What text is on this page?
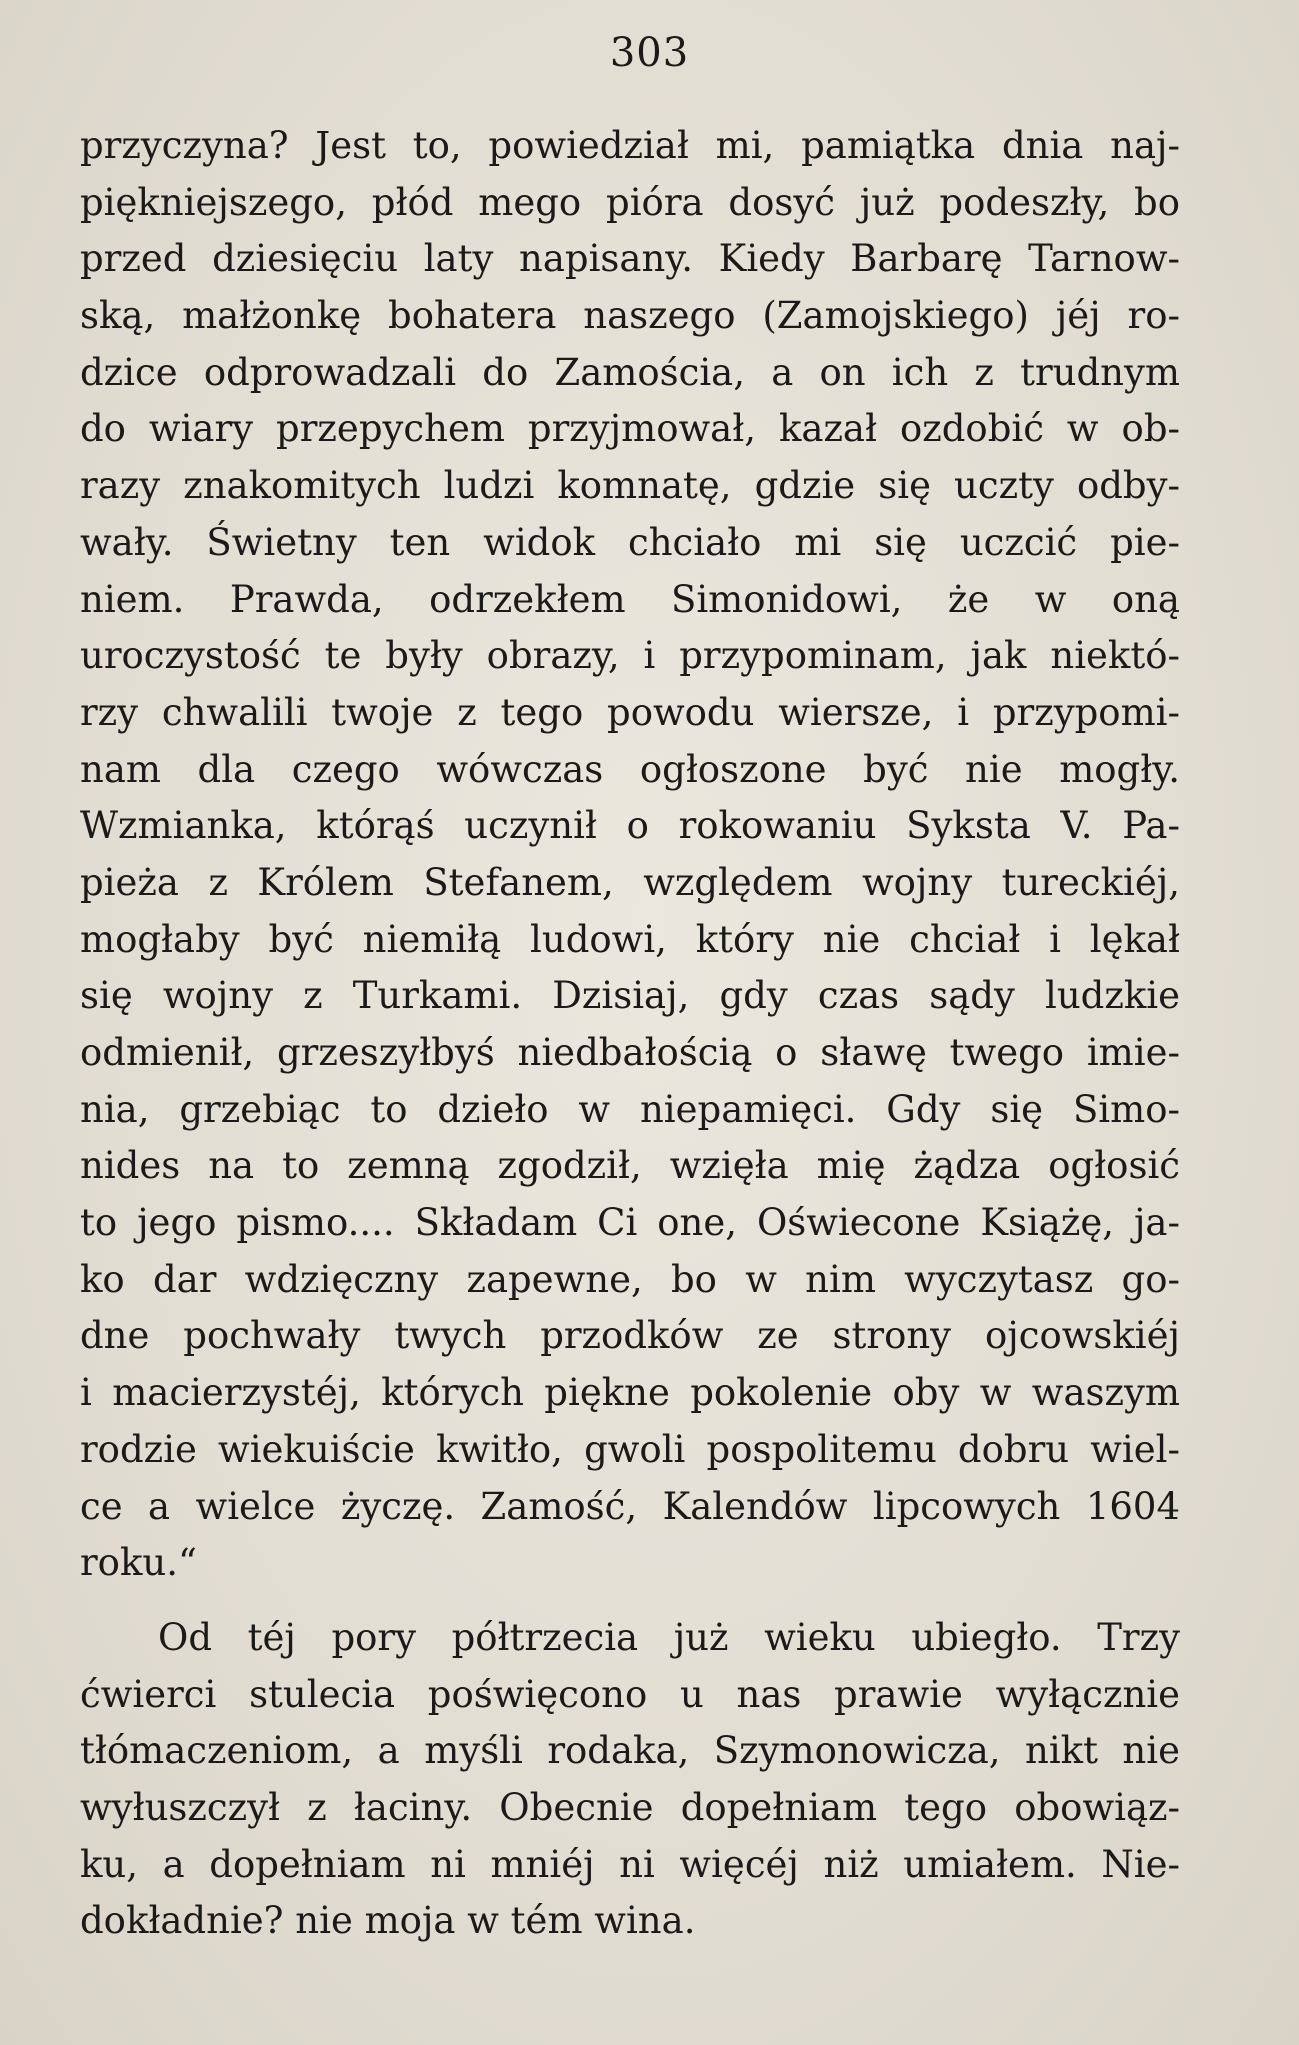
303
przyczyna? Jest to, powiedział mi, pamiątka dnia naj-
piękniejszego, płód mego pióra dosyć już podeszły, bo
przed dziesięciu laty napisany. Kiedy Barbarę Tarnow-
ską, małżonkę bohatera naszego (Zamojskiego) jéj ro-
dzice odprowadzali do Zamościa, a on ich z trudnym
do wiary przepychem przyjmował, kazał ozdobić w ob-
razy znakomitych ludzi komnatę, gdzie się uczty odby-
wały. Świetny ten widok chciało mi się uczcić pie-
niem. Prawda, odrzekłem Simonidowi, że w oną
uroczystość te były obrazy, i przypominam, jak niektó-
rzy chwalili twoje z tego powodu wiersze, i przypomi-
nam dla czego wówczas ogłoszone być nie mogły.
Wzmianka, którąś uczynił o rokowaniu Syksta V. Pa-
pieża z Królem Stefanem, względem wojny tureckiéj,
mogłaby być niemiłą ludowi, który nie chciał i lękał
się wojny z Turkami. Dzisiaj, gdy czas sądy ludzkie
odmienił, grzeszyłbyś niedbałością o sławę twego imie-
nia, grzebiąc to dzieło w niepamięci. Gdy się Simo-
nides na to zemną zgodził, wzięła mię żądza ogłosić
to jego pismo.... Składam Ci one, Oświecone Książę, ja-
ko dar wdzięczny zapewne, bo w nim wyczytasz go-
dne pochwały twych przodków ze strony ojcowskiéj
i macierzystéj, których piękne pokolenie oby w waszym
rodzie wiekuiście kwitło, gwoli pospolitemu dobru wiel-
ce a wielce życzę. Zamość, Kalendów lipcowych 1604
roku.“
Od téj pory półtrzecia już wieku ubiegło. Trzy
ćwierci stulecia poświęcono u nas prawie wyłącznie
tłómaczeniom, a myśli rodaka, Szymonowicza, nikt nie
wyłuszczył z łaciny. Obecnie dopełniam tego obowiąz-
ku, a dopełniam ni mniéj ni więcéj niż umiałem. Nie-
dokładnie? nie moja w tém wina.
